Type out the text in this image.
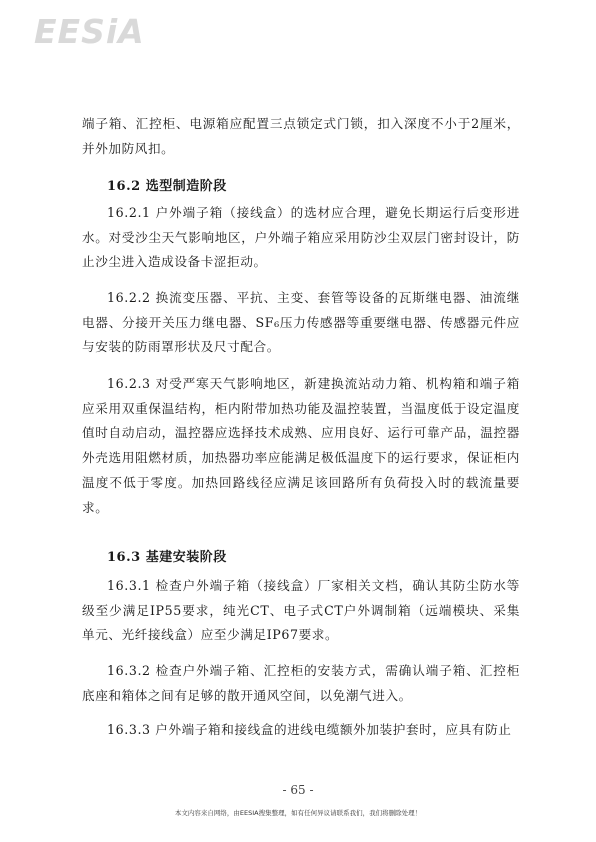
EESiA
端子箱、汇控柜、电源箱应配置三点锁定式门锁，扣入深度不小于2厘米，并外加防风扣。
16.2 选型制造阶段
16.2.1 户外端子箱（接线盒）的选材应合理，避免长期运行后变形进水。对受沙尘天气影响地区，户外端子箱应采用防沙尘双层门密封设计，防止沙尘进入造成设备卡涩拒动。
16.2.2 换流变压器、平抗、主变、套管等设备的瓦斯继电器、油流继电器、分接开关压力继电器、SF₆压力传感器等重要继电器、传感器元件应与安装的防雨罩形状及尺寸配合。
16.2.3 对受严寒天气影响地区，新建换流站动力箱、机构箱和端子箱应采用双重保温结构，柜内附带加热功能及温控装置，当温度低于设定温度值时自动启动，温控器应选择技术成熟、应用良好、运行可靠产品，温控器外壳选用阻燃材质，加热器功率应能满足极低温度下的运行要求，保证柜内温度不低于零度。加热回路线径应满足该回路所有负荷投入时的载流量要求。
16.3 基建安装阶段
16.3.1 检查户外端子箱（接线盒）厂家相关文档，确认其防尘防水等级至少满足IP55要求，纯光CT、电子式CT户外调制箱（远端模块、采集单元、光纤接线盒）应至少满足IP67要求。
16.3.2 检查户外端子箱、汇控柜的安装方式，需确认端子箱、汇控柜底座和箱体之间有足够的散开通风空间，以免潮气进入。
16.3.3 户外端子箱和接线盒的进线电缆额外加装护套时，应具有防止
- 65 -
本文内容来自网络，由EESIA搜集整理，如有任何异议请联系我们，我们将删除处理！
